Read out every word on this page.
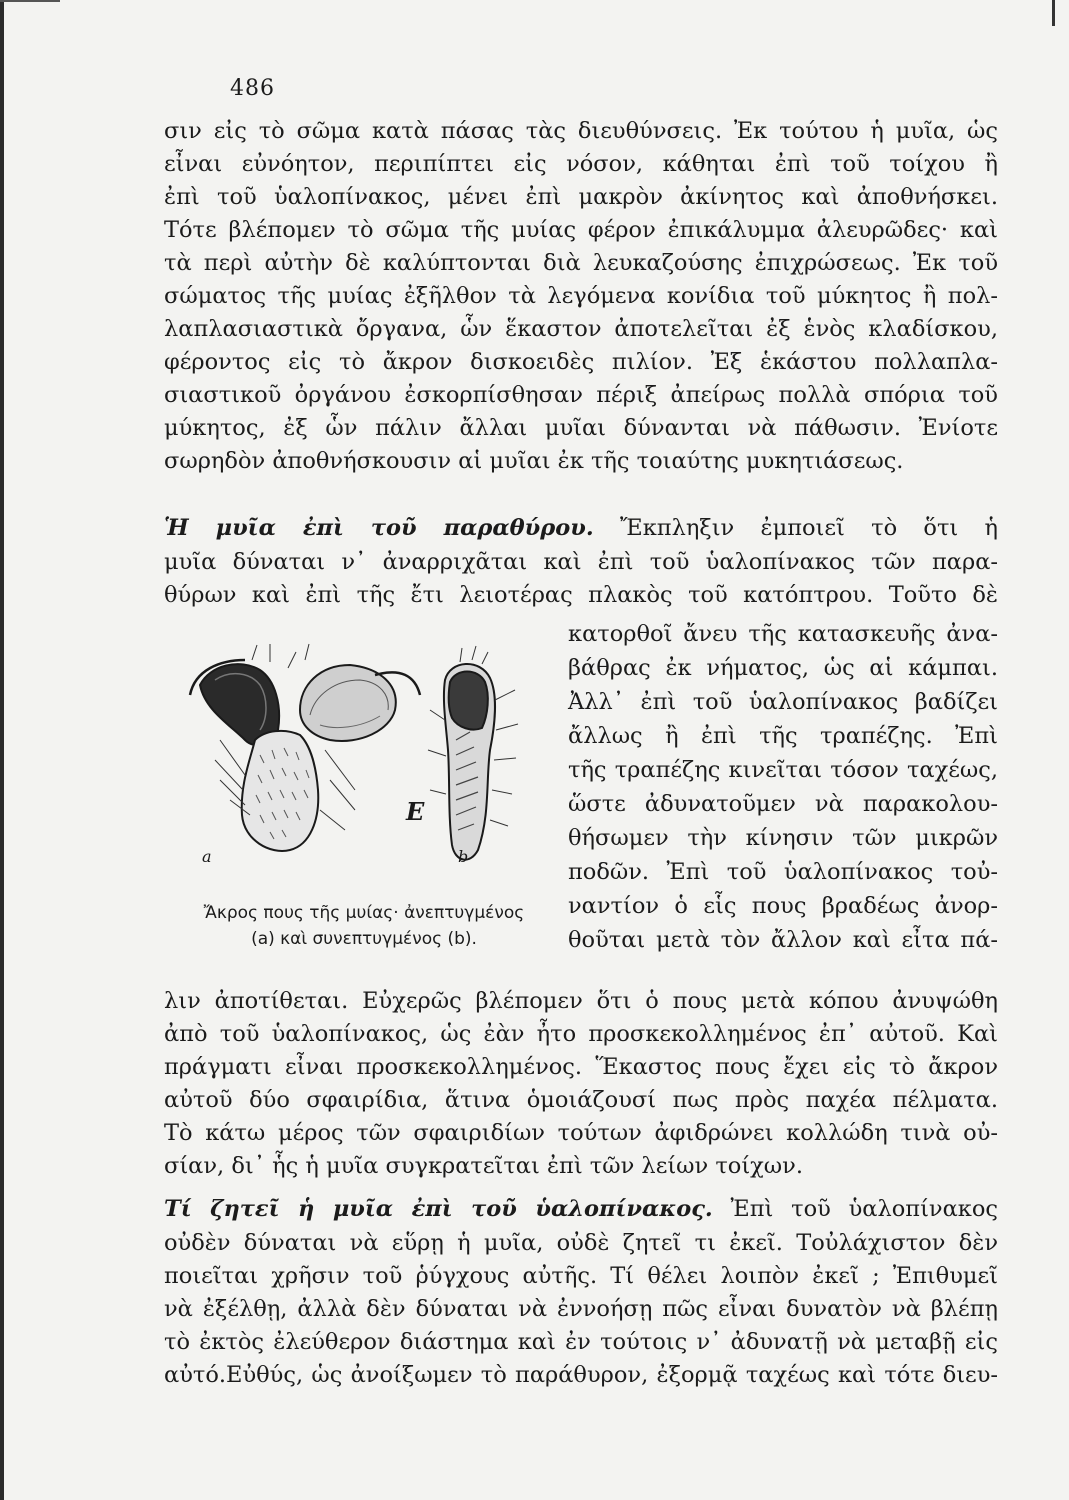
486
σιν εἰς τὸ σῶμα κατὰ πάσας τὰς διευθύνσεις. Ἐκ τούτου ἡ μυῖα, ὡς
εἶναι εὐνόητον, περιπίπτει εἰς νόσον, κάθηται ἐπὶ τοῦ τοίχου ἢ
ἐπὶ τοῦ ὑαλοπίνακος, μένει ἐπὶ μακρὸν ἀκίνητος καὶ ἀποθνήσκει.
Τότε βλέπομεν τὸ σῶμα τῆς μυίας φέρον ἐπικάλυμμα ἀλευρῶδες· καὶ
τὰ περὶ αὐτὴν δὲ καλύπτονται διὰ λευκαζούσης ἐπιχρώσεως. Ἐκ τοῦ
σώματος τῆς μυίας ἐξῆλθον τὰ λεγόμενα κονίδια τοῦ μύκητος ἢ πολ-
λαπλασιαστικὰ ὄργανα, ὧν ἕκαστον ἀποτελεῖται ἐξ ἑνὸς κλαδίσκου,
φέροντος εἰς τὸ ἄκρον δισκοειδὲς πιλίον. Ἐξ ἑκάστου πολλαπλα-
σιαστικοῦ ὀργάνου ἐσκορπίσθησαν πέριξ ἀπείρως πολλὰ σπόρια τοῦ
μύκητος, ἐξ ὧν πάλιν ἄλλαι μυῖαι δύνανται νὰ πάθωσιν. Ἐνίοτε
σωρηδὸν ἀποθνήσκουσιν αἱ μυῖαι ἐκ τῆς τοιαύτης μυκητιάσεως.
Ἡ μυῖα ἐπὶ τοῦ παραθύρου. Ἔκπληξιν ἐμποιεῖ τὸ ὅτι ἡ
μυῖα δύναται ν᾽ ἀναρριχᾶται καὶ ἐπὶ τοῦ ὑαλοπίνακος τῶν παρα-
θύρων καὶ ἐπὶ τῆς ἔτι λειοτέρας πλακὸς τοῦ κατόπτρου. Τοῦτο δὲ
κατορθοῖ ἄνευ τῆς κατασκευῆς ἀνα-
βάθρας ἐκ νήματος, ὡς αἱ κάμπαι.
Ἀλλ᾽ ἐπὶ τοῦ ὑαλοπίνακος βαδίζει
ἄλλως ἢ ἐπὶ τῆς τραπέζης. Ἐπὶ
τῆς τραπέζης κινεῖται τόσον ταχέως,
ὥστε ἀδυνατοῦμεν νὰ παρακολου-
θήσωμεν τὴν κίνησιν τῶν μικρῶν
ποδῶν. Ἐπὶ τοῦ ὑαλοπίνακος τοὐ-
ναντίον ὁ εἷς πους βραδέως ἀνορ-
θοῦται μετὰ τὸν ἄλλον καὶ εἶτα πά-
a	b
E
Ἄκρος πους τῆς μυίας· ἀνεπτυγμένος
(a) καὶ συνεπτυγμένος (b).
λιν ἀποτίθεται. Εὐχερῶς βλέπομεν ὅτι ὁ πους μετὰ κόπου ἀνυψώθη
ἀπὸ τοῦ ὑαλοπίνακος, ὡς ἐὰν ἦτο προσκεκολλημένος ἐπ᾽ αὐτοῦ. Καὶ
πράγματι εἶναι προσκεκολλημένος. Ἕκαστος πους ἔχει εἰς τὸ ἄκρον
αὐτοῦ δύο σφαιρίδια, ἅτινα ὁμοιάζουσί πως πρὸς παχέα πέλματα.
Τὸ κάτω μέρος τῶν σφαιριδίων τούτων ἀφιδρώνει κολλώδη τινὰ οὐ-
σίαν, δι᾽ ἧς ἡ μυῖα συγκρατεῖται ἐπὶ τῶν λείων τοίχων.
Τί ζητεῖ ἡ μυῖα ἐπὶ τοῦ ὑαλοπίνακος. Ἐπὶ τοῦ ὑαλοπίνακος
οὐδὲν δύναται νὰ εὕρῃ ἡ μυῖα, οὐδὲ ζητεῖ τι ἐκεῖ. Τοὐλάχιστον δὲν
ποιεῖται χρῆσιν τοῦ ῥύγχους αὐτῆς. Τί θέλει λοιπὸν ἐκεῖ ; Ἐπιθυμεῖ
νὰ ἐξέλθῃ, ἀλλὰ δὲν δύναται νὰ ἐννοήσῃ πῶς εἶναι δυνατὸν νὰ βλέπῃ
τὸ ἐκτὸς ἐλεύθερον διάστημα καὶ ἐν τούτοις ν᾽ ἀδυνατῇ νὰ μεταβῇ εἰς
αὐτό.Εὐθύς, ὡς ἀνοίξωμεν τὸ παράθυρον, ἐξορμᾷ ταχέως καὶ τότε διευ-
